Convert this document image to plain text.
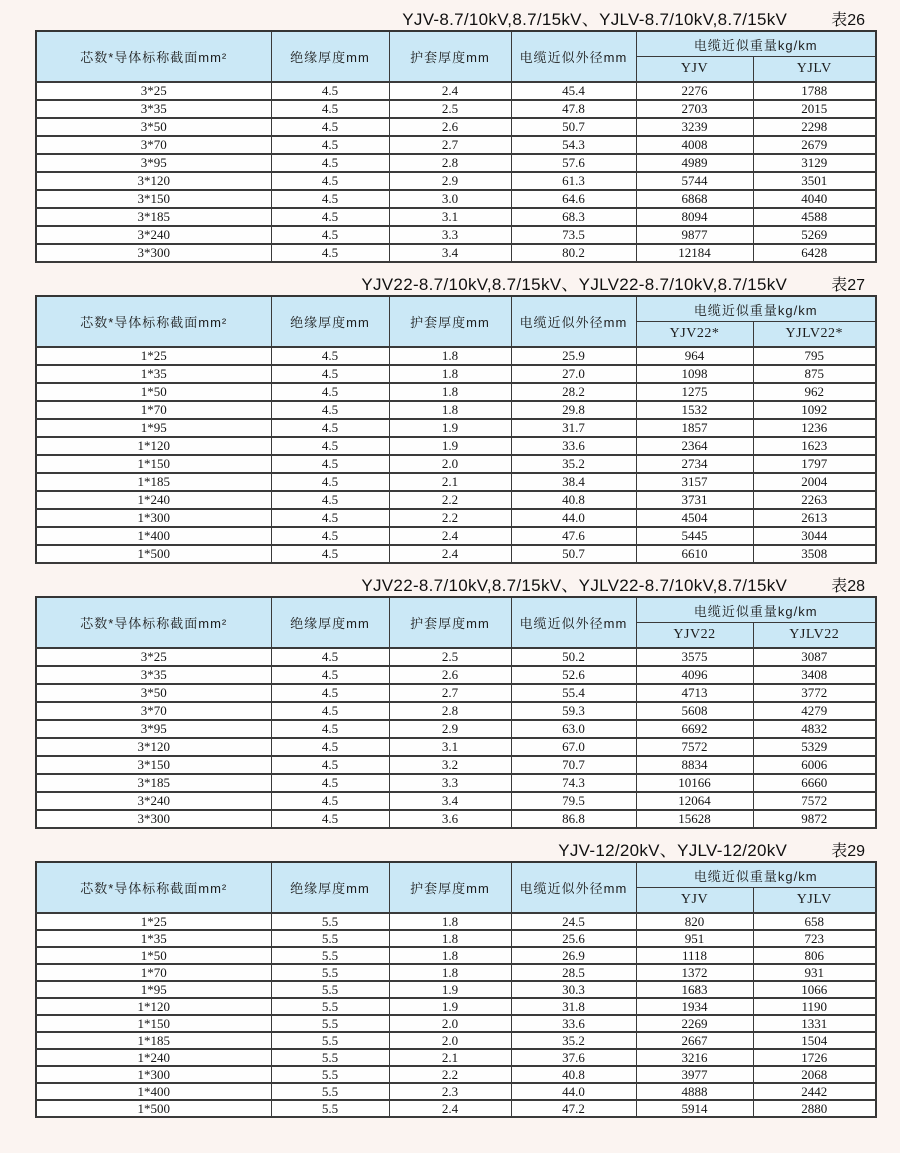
YJV-8.7/10kV,8.7/15kV、YJLV-8.7/10kV,8.7/15kV	表26
芯数*导体标称截面mm²	绝缘厚度mm	护套厚度mm	电缆近似外径mm	电缆近似重量kg/km	
				YJV	YJLV
3*25	4.5	2.4	45.4	2276	1788
3*35	4.5	2.5	47.8	2703	2015
3*50	4.5	2.6	50.7	3239	2298
3*70	4.5	2.7	54.3	4008	2679
3*95	4.5	2.8	57.6	4989	3129
3*120	4.5	2.9	61.3	5744	3501
3*150	4.5	3.0	64.6	6868	4040
3*185	4.5	3.1	68.3	8094	4588
3*240	4.5	3.3	73.5	9877	5269
3*300	4.5	3.4	80.2	12184	6428
YJV22-8.7/10kV,8.7/15kV、YJLV22-8.7/10kV,8.7/15kV	表27
芯数*导体标称截面mm²	绝缘厚度mm	护套厚度mm	电缆近似外径mm	电缆近似重量kg/km	
				YJV22*	YJLV22*
1*25	4.5	1.8	25.9	964	795
1*35	4.5	1.8	27.0	1098	875
1*50	4.5	1.8	28.2	1275	962
1*70	4.5	1.8	29.8	1532	1092
1*95	4.5	1.9	31.7	1857	1236
1*120	4.5	1.9	33.6	2364	1623
1*150	4.5	2.0	35.2	2734	1797
1*185	4.5	2.1	38.4	3157	2004
1*240	4.5	2.2	40.8	3731	2263
1*300	4.5	2.2	44.0	4504	2613
1*400	4.5	2.4	47.6	5445	3044
1*500	4.5	2.4	50.7	6610	3508
YJV22-8.7/10kV,8.7/15kV、YJLV22-8.7/10kV,8.7/15kV	表28
芯数*导体标称截面mm²	绝缘厚度mm	护套厚度mm	电缆近似外径mm	电缆近似重量kg/km	
				YJV22	YJLV22
3*25	4.5	2.5	50.2	3575	3087
3*35	4.5	2.6	52.6	4096	3408
3*50	4.5	2.7	55.4	4713	3772
3*70	4.5	2.8	59.3	5608	4279
3*95	4.5	2.9	63.0	6692	4832
3*120	4.5	3.1	67.0	7572	5329
3*150	4.5	3.2	70.7	8834	6006
3*185	4.5	3.3	74.3	10166	6660
3*240	4.5	3.4	79.5	12064	7572
3*300	4.5	3.6	86.8	15628	9872
YJV-12/20kV、YJLV-12/20kV	表29
芯数*导体标称截面mm²	绝缘厚度mm	护套厚度mm	电缆近似外径mm	电缆近似重量kg/km	
				YJV	YJLV
1*25	5.5	1.8	24.5	820	658
1*35	5.5	1.8	25.6	951	723
1*50	5.5	1.8	26.9	1118	806
1*70	5.5	1.8	28.5	1372	931
1*95	5.5	1.9	30.3	1683	1066
1*120	5.5	1.9	31.8	1934	1190
1*150	5.5	2.0	33.6	2269	1331
1*185	5.5	2.0	35.2	2667	1504
1*240	5.5	2.1	37.6	3216	1726
1*300	5.5	2.2	40.8	3977	2068
1*400	5.5	2.3	44.0	4888	2442
1*500	5.5	2.4	47.2	5914	2880
